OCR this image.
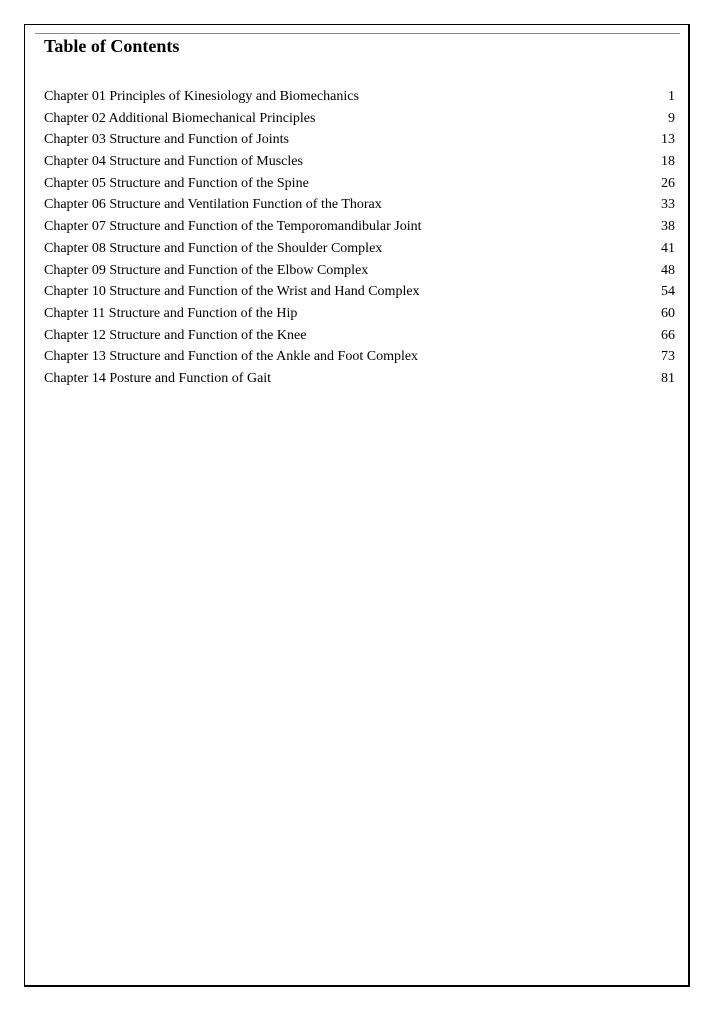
Table of Contents
Chapter 01 Principles of Kinesiology and Biomechanics	1
Chapter 02 Additional Biomechanical Principles	9
Chapter 03 Structure and Function of Joints	13
Chapter 04 Structure and Function of Muscles	18
Chapter 05 Structure and Function of the Spine	26
Chapter 06 Structure and Ventilation Function of the Thorax	33
Chapter 07 Structure and Function of the Temporomandibular Joint	38
Chapter 08 Structure and Function of the Shoulder Complex	41
Chapter 09 Structure and Function of the Elbow Complex	48
Chapter 10 Structure and Function of the Wrist and Hand Complex	54
Chapter 11 Structure and Function of the Hip	60
Chapter 12 Structure and Function of the Knee	66
Chapter 13 Structure and Function of the Ankle and Foot Complex	73
Chapter 14 Posture and Function of Gait	81
